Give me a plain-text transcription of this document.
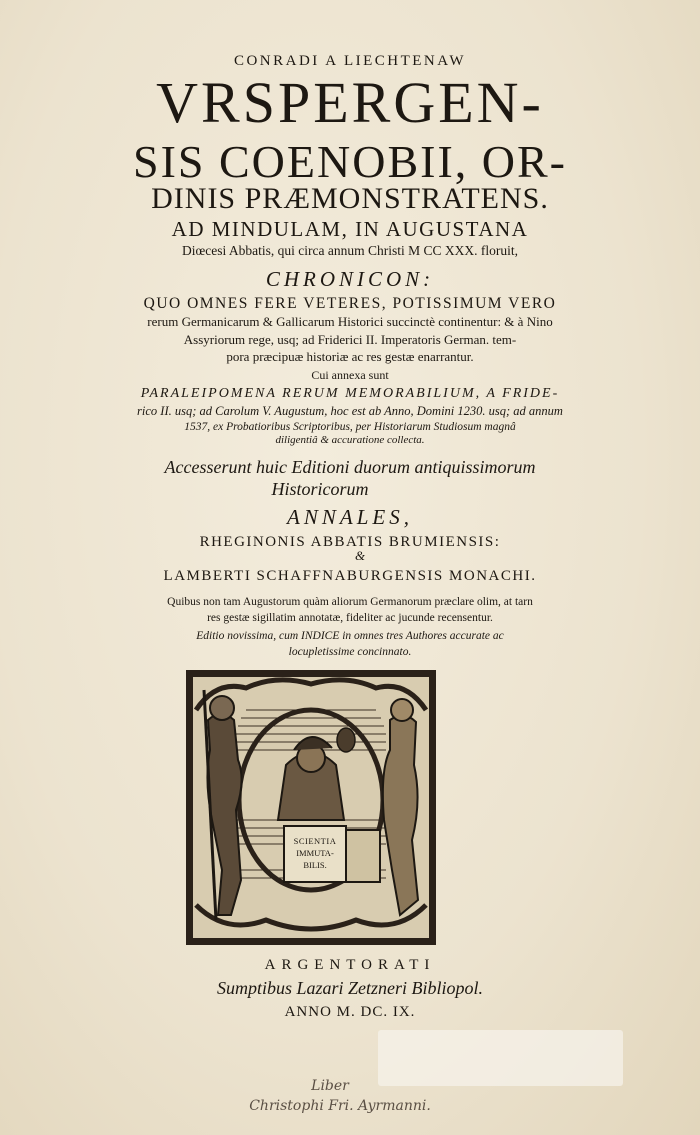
CONRADI A LIECHTENAW
VRSPERGEN-
SIS COENOBII, OR-
DINIS PRÆMONSTRATENS.
AD MINDULAM, IN AUGUSTANA
Diœcesi Abbatis, qui circa annum Christi M CC XXX. floruit,
CHRONICON:
QUO OMNES FERE VETERES, POTISSIMUM VERO
rerum Germanicarum & Gallicarum Historici succinctè continentur: & à Nino
Assyriorum rege, usq; ad Friderici II. Imperatoris German. tem-
pora præcipuæ historiæ ac res gestæ enarrantur.
Cui annexa sunt
PARALEIPOMENA RERUM MEMORABILIUM, A FRIDE-
rico II. usq; ad Carolum V. Augustum, hoc est ab Anno, Domini 1230. usq; ad annum
1537, ex Probatioribus Scriptoribus, per Historiarum Studiosum magnâ
diligentiâ & accuratione collecta.
Accesserunt huic Editioni duorum antiquissimorum
Historicorum
ANNALES,
RHEGINONIS ABBATIS BRUMIENSIS:
&
LAMBERTI SCHAFFNABURGENSIS MONACHI.
Quibus non tam Augustorum quàm aliorum Germanorum præclare olim, at tarn
res gestæ sigillatim annotatæ, fideliter ac jucunde recensentur.
Editio novissima, cum INDICE in omnes tres Authores accurate ac
locupletissime concinnato.
SCIENTIA
IMMUTA-
BILIS.
ARGENTORATI
Sumptibus Lazari Zetzneri Bibliopol.
ANNO M. DC. IX.
Liber
Christophi Fri. Ayrmanni.
